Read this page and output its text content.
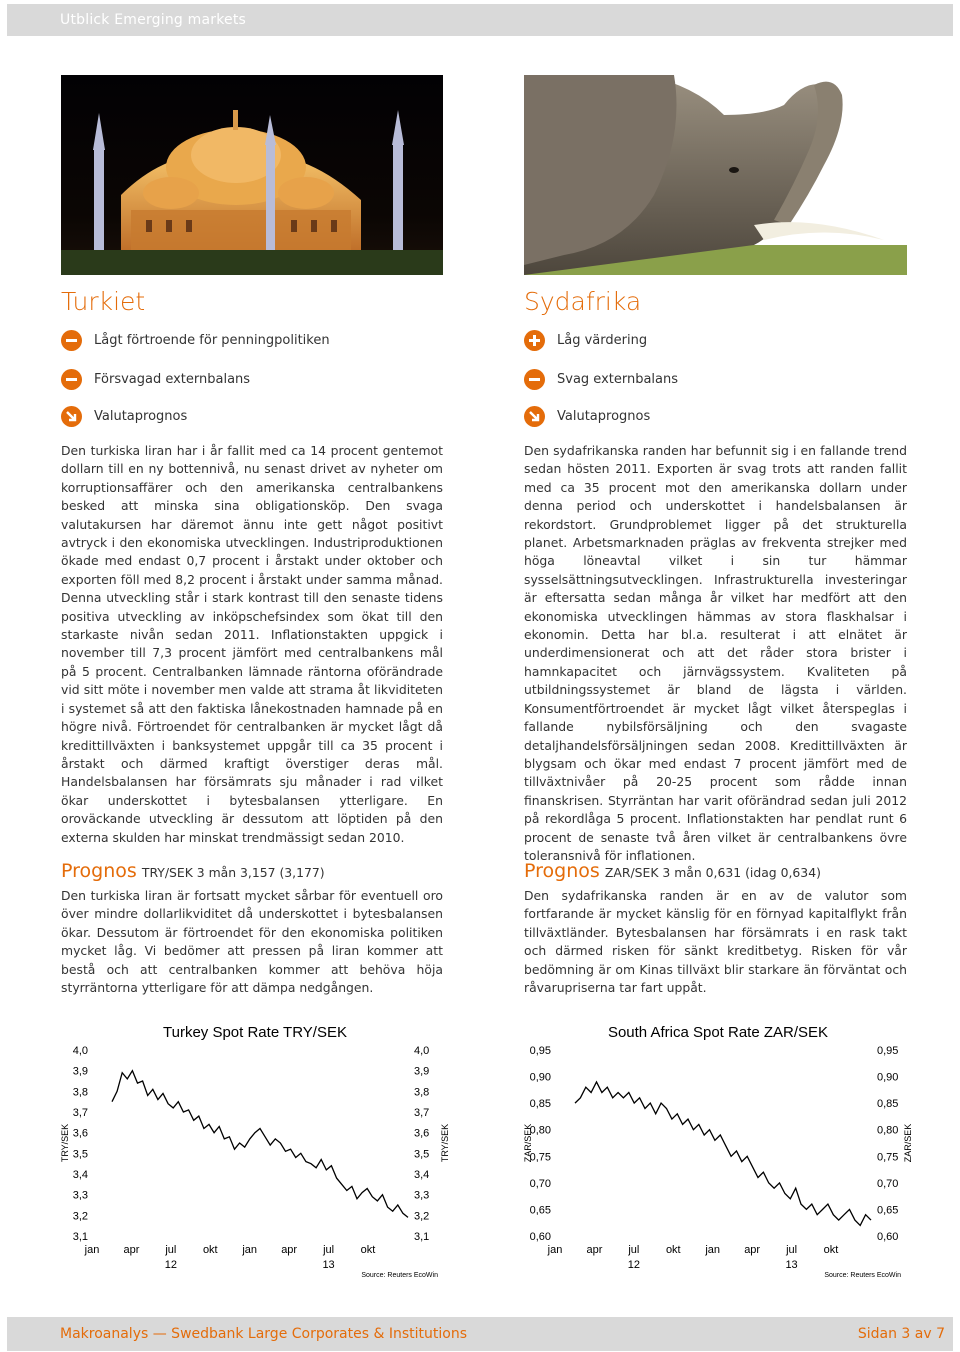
Utblick Emerging markets
Turkiet
Lågt förtroende för penningpolitiken
Försvagad externbalans
Valutaprognos
Den turkiska liran har i år fallit med ca 14 procent gentemot dollarn till en ny bottennivå, nu senast drivet av nyheter om korruptionsaffärer och den amerikanska centralbankens besked att minska sina obligationsköp. Den svaga valutakursen har däremot ännu inte gett något positivt avtryck i den ekonomiska utvecklingen. Industriproduktionen ökade med endast 0,7 procent i årstakt under oktober och exporten föll med 8,2 procent i årstakt under samma månad. Denna utveckling står i stark kontrast till den senaste tidens positiva utveckling av inköpschefsindex som ökat till den starkaste nivån sedan 2011. Inflationstakten uppgick i november till 7,3 procent jämfört med centralbankens mål på 5 procent. Centralbanken lämnade räntorna oförändrade vid sitt möte i november men valde att strama åt likviditeten i systemet så att den faktiska lånekostnaden hamnade på en högre nivå. Förtroendet för centralbanken är mycket lågt då kredittillväxten i banksystemet uppgår till ca 35 procent i årstakt och därmed kraftigt överstiger deras mål. Handelsbalansen har försämrats sju månader i rad vilket ökar underskottet i bytesbalansen ytterligare. En oroväckande utveckling är dessutom att löptiden på den externa skulden har minskat trendmässigt sedan 2010.
Sydafrika
Låg värdering
Svag externbalans
Valutaprognos
Den sydafrikanska randen har befunnit sig i en fallande trend sedan hösten 2011. Exporten är svag trots att randen fallit med ca 35 procent mot den amerikanska dollarn under denna period och underskottet i handelsbalansen är rekordstort. Grundproblemet ligger på det strukturella planet. Arbetsmarknaden präglas av frekventa strejker med höga löneavtal vilket i sin tur hämmar sysselsättningsutvecklingen. Infrastrukturella investeringar är eftersatta sedan många år vilket har medfört att den ekonomiska utvecklingen hämmas av stora flaskhalsar i ekonomin. Detta har bl.a. resulterat i att elnätet är underdimensionerat och att det råder stora brister i hamnkapacitet och järnvägssystem. Kvaliteten på utbildningssystemet är bland de lägsta i världen. Konsumentförtroendet är mycket lågt vilket återspeglas i fallande nybilsförsäljning och den svagaste detaljhandelsförsäljningen sedan 2008. Kredittillväxten är blygsam och ökar med endast 7 procent jämfört med de tillväxtnivåer på 20-25 procent som rådde innan finanskrisen. Styrräntan har varit oförändrad sedan juli 2012 på rekordlåga 5 procent. Inflationstakten har pendlat runt 6 procent de senaste två åren vilket är centralbankens övre toleransnivå för inflationen.
Prognos TRY/SEK 3 mån 3,157 (3,177)
Den turkiska liran är fortsatt mycket sårbar för eventuell oro över mindre dollarlikviditet då underskottet i bytesbalansen ökar. Dessutom är förtroendet för den ekonomiska politiken mycket låg. Vi bedömer att pressen på liran kommer att bestå och att centralbanken kommer att behöva höja styrräntorna ytterligare för att dämpa nedgången.
Prognos ZAR/SEK 3 mån 0,631 (idag 0,634)
Den sydafrikanska randen är en av de valutor som fortfarande är mycket känslig för en förnyad kapitalflykt från tillväxtländer. Bytesbalansen har försämrats i en rask takt och därmed risken för sänkt kreditbetyg. Risken för vår bedömning är om Kinas tillväxt blir starkare än förväntat och råvarupriserna tar fart uppåt.
Turkey Spot Rate TRY/SEK
4,0	4,0
3,9	3,9
3,8	3,8
3,7	3,7
3,6	3,6
3,5	3,5
3,4	3,4
3,3	3,3
3,2	3,2
3,1	3,1
TRY/SEK	TRY/SEK
jan apr jul okt jan apr jul okt
12	13
Source: Reuters EcoWin
South Africa Spot Rate ZAR/SEK
0,95	0,95
0,90	0,90
0,85	0,85
0,80	0,80
0,75	0,75
0,70	0,70
0,65	0,65
0,60	0,60
ZAR/SEK	ZAR/SEK
jan apr jul okt jan apr jul okt
12	13
Source: Reuters EcoWin
Makroanalys — Swedbank Large Corporates & Institutions	Sidan 3 av 7
